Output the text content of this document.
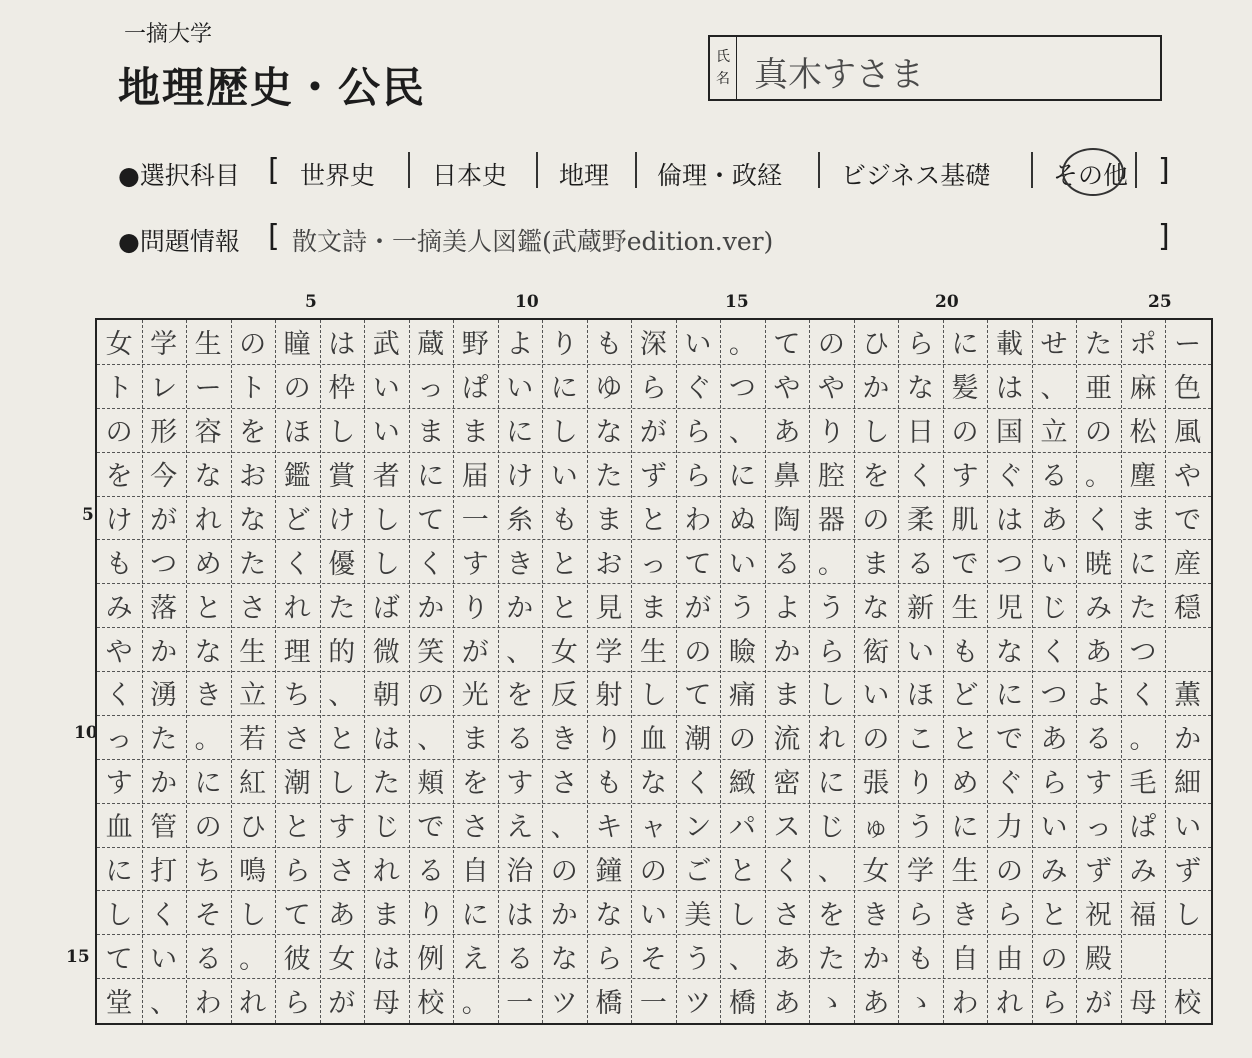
一摘大学
地理歴史・公民
氏
名 真木すさま
●選択科目 [ 世界史 日本史 地理 倫理・政経 ビジネス基礎	その他 ]
●問題情報 [ 散文詩・一摘美人図鑑(武蔵野edition.ver)	]
5	10	15	20	25
5
10
15
女 学 生 の 瞳 は 武 蔵 野 よ り も 深 い 。 て の ひ ら に 載 せ た ポ ー
ト レ ー ト の 枠 い っ ぱ い に ゆ ら ぐ つ や や か な 髪 は 、 亜 麻 色
の 形 容 を ほ し い ま ま に し な が ら 、 あ り し 日 の 国 立 の 松 風
を 今 な お 鑑 賞 者 に 届 け い た ず ら に 鼻 腔 を く す ぐ る 。 塵 や
け が れ な ど け し て 一 糸 も ま と わ ぬ 陶 器 の 柔 肌 は あ く ま で
も つ め た く 優 し く す き と お っ て い る 。 ま る で つ い 暁 に 産
み 落 と さ れ た ば か り か と 見 ま が う よ う な 新 生 児 じ み た 穏
や か な 生 理 的 微 笑 が 、 女 学 生 の 瞼 か ら 衒 い も な く あ つ
く 湧 き 立 ち 、 朝 の 光 を 反 射 し て 痛 ま し い ほ ど に つ よ く 薫
っ た 。 若 さ と は 、 ま る き り 血 潮 の 流 れ の こ と で あ る 。 か
す か に 紅 潮 し た 頬 を す さ も な く 緻 密 に 張 り め ぐ ら す 毛 細
血 管 の ひ と す じ で さ え 、 キ ャ ン パ ス じ ゅ う に 力 い っ ぱ い
に 打 ち 鳴 ら さ れ る 自 治 の 鐘 の ご と く 、 女 学 生 の み ず み ず
し く そ し て あ ま り に は か な い 美 し さ を き ら き ら と 祝 福 し
て い る 。 彼 女 は 例 え る な ら そ う 、 あ た か も 自 由 の 殿
堂 、 わ れ ら が 母 校 。 一 ツ 橋 一 ツ 橋 あ ゝ あ ゝ わ れ ら が 母 校
